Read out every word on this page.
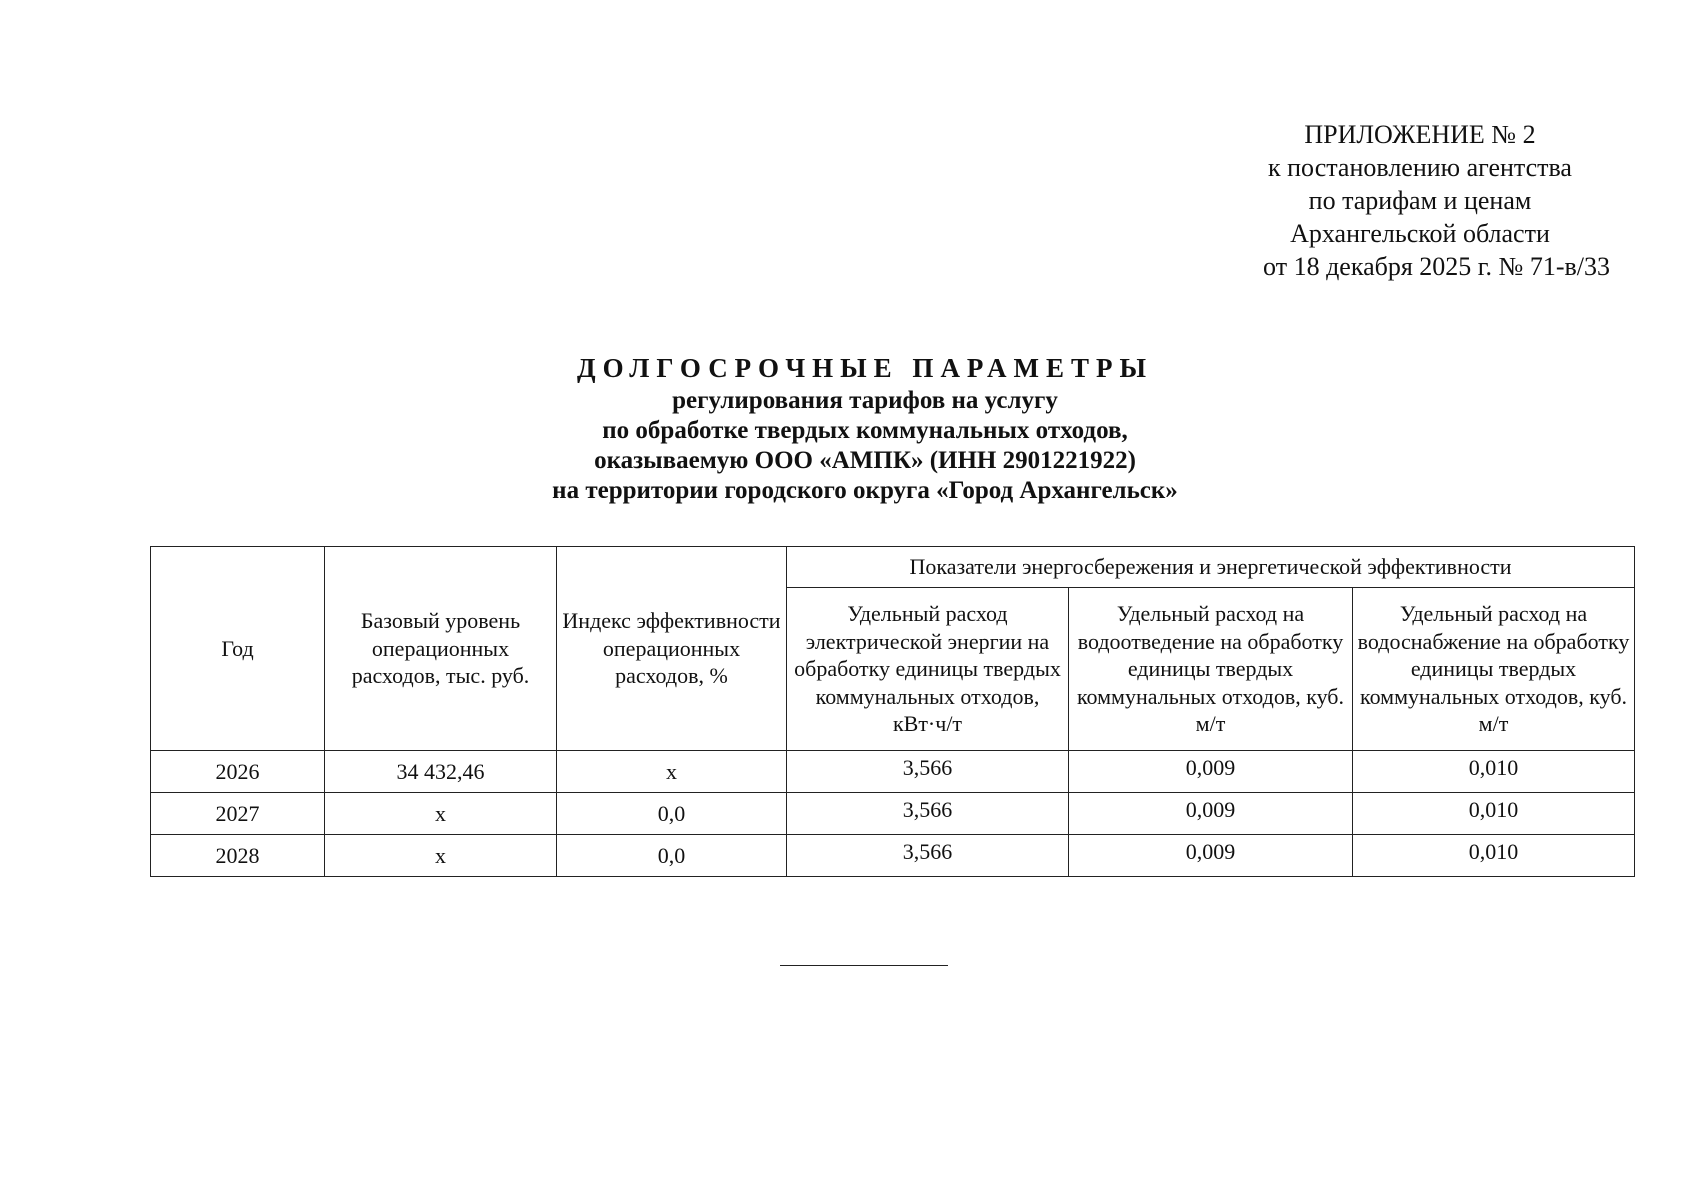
ПРИЛОЖЕНИЕ № 2
к постановлению агентства
по тарифам и ценам
Архангельской области
от 18 декабря 2025 г. № 71-в/33
ДОЛГОСРОЧНЫЕ ПАРАМЕТРЫ
регулирования тарифов на услугу
по обработке твердых коммунальных отходов,
оказываемую ООО «АМПК» (ИНН 2901221922)
на территории городского округа «Город Архангельск»
Год	Базовый уровень операционных расходов, тыс. руб.	Индекс эффективности операционных расходов, %	Показатели энергосбережения и энергетической эффективности		
			Удельный расход электрической энергии на обработку единицы твердых коммунальных отходов, кВт·ч/т	Удельный расход на водоотведение на обработку единицы твердых коммунальных отходов, куб. м/т	Удельный расход на водоснабжение на обработку единицы твердых коммунальных отходов, куб. м/т
2026	34 432,46	х	3,566	0,009	0,010
2027	х	0,0	3,566	0,009	0,010
2028	х	0,0	3,566	0,009	0,010
